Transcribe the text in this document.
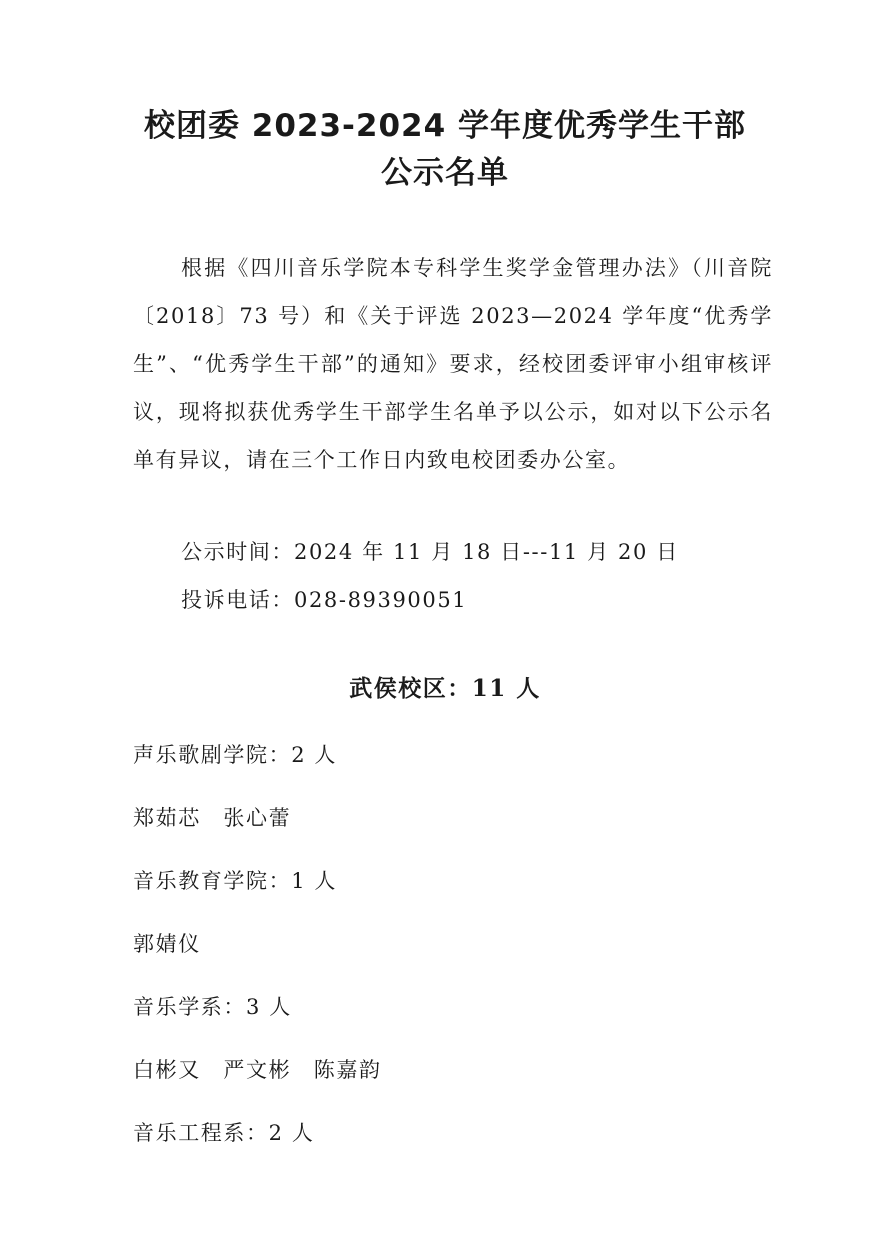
校团委 2023-2024 学年度优秀学生干部
公示名单

根据《四川音乐学院本专科学生奖学金管理办法》（川音院〔2018〕73 号）和《关于评选 2023—2024 学年度“优秀学生”、“优秀学生干部”的通知》要求，经校团委评审小组审核评议，现将拟获优秀学生干部学生名单予以公示，如对以下公示名单有异议，请在三个工作日内致电校团委办公室。

公示时间：2024 年 11 月 18 日---11 月 20 日

投诉电话：028-89390051

武侯校区：11 人

声乐歌剧学院：2 人

郑茹芯　张心蕾

音乐教育学院：1 人

郭婧仪

音乐学系：3 人

白彬又　严文彬　陈嘉韵

音乐工程系：2 人
